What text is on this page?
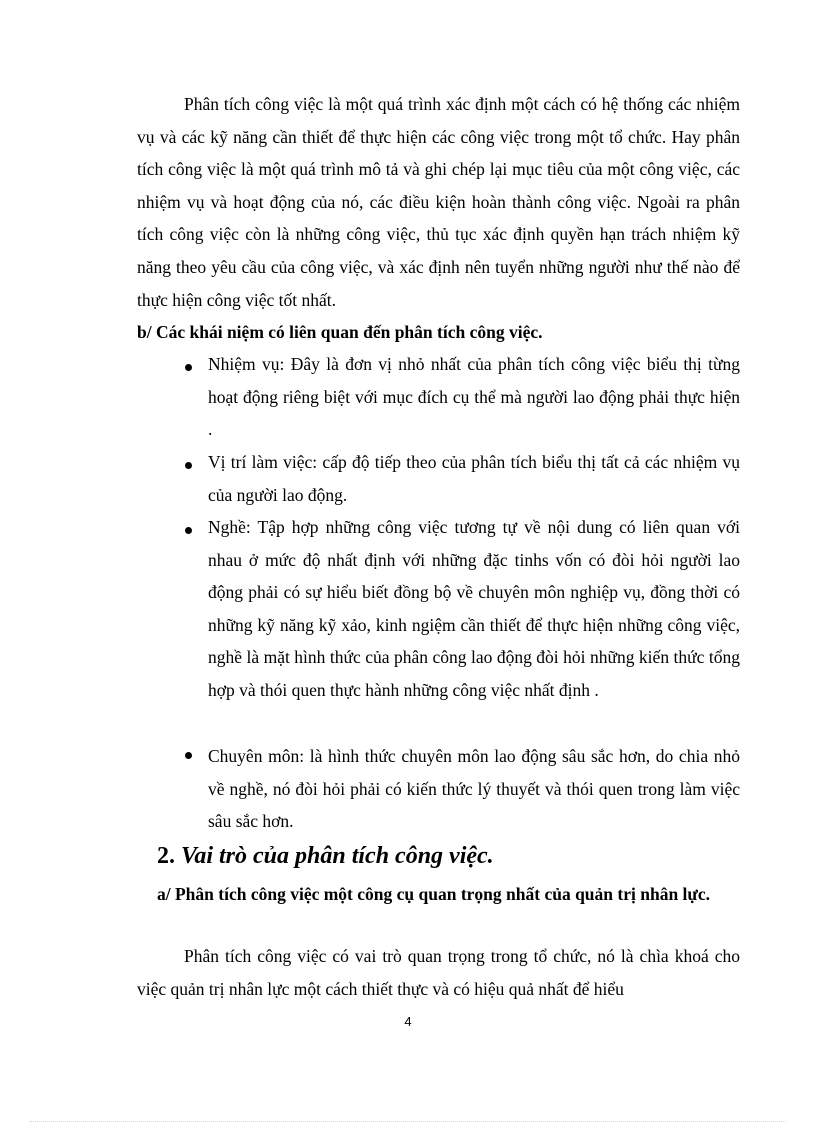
Phân tích công việc là một quá trình xác định một cách có hệ thống các nhiệm vụ và các kỹ năng cần thiết để thực hiện các công việc trong một tổ chức. Hay phân tích công việc là một quá trình mô tả và ghi chép lại mục tiêu của một công việc, các nhiệm vụ và hoạt động của nó, các điều kiện hoàn thành công việc. Ngoài ra phân tích công việc còn là những công việc, thủ tục xác định quyền hạn trách nhiệm kỹ năng theo yêu cầu của công việc, và xác định nên tuyển những người như thế nào để thực hiện công việc tốt nhất.

b/ Các khái niệm có liên quan đến phân tích công việc.

Nhiệm vụ: Đây là đơn vị nhỏ nhất của phân tích công việc biểu thị từng hoạt động riêng biệt với mục đích cụ thể mà người lao động phải thực hiện .

Vị trí làm việc: cấp độ tiếp theo của phân tích biểu thị tất cả các nhiệm vụ của người lao động.

Nghề: Tập hợp những công việc tương tự về nội dung có liên quan với nhau ở mức độ nhất định với những đặc tinhs vốn có đòi hỏi người lao động phải có sự hiểu biết đồng bộ về chuyên môn nghiệp vụ, đồng thời có những kỹ năng kỹ xảo, kinh ngiệm cần thiết để thực hiện những công việc, nghề là mặt hình thức của phân công lao động đòi hỏi những kiến thức tổng hợp và thói quen thực hành những công việc nhất định .

Chuyên môn: là hình thức chuyên môn lao động sâu sắc hơn, do chia nhỏ về nghề, nó đòi hỏi phải có kiến thức lý thuyết và thói quen trong làm việc sâu sắc hơn.

2. Vai trò của phân tích công việc.
a/ Phân tích công việc một công cụ quan trọng nhất của quản trị nhân lực.

Phân tích công việc có vai trò quan trọng trong tổ chức, nó là chìa khoá cho việc quản trị nhân lực một cách thiết thực và có hiệu quả nhất để hiểu

4
